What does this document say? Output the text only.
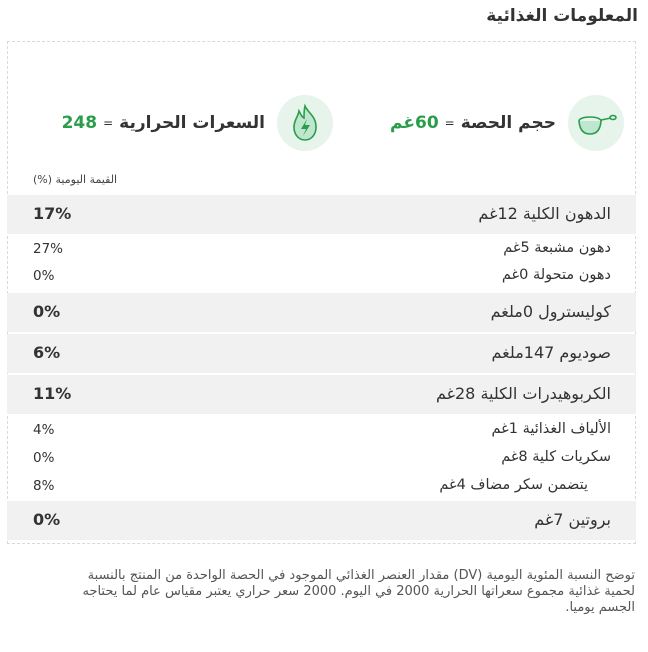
المعلومات الغذائية
حجم الحصة
=
60غم
السعرات الحرارية
=
248
القيمة اليومية (%)
الدهون الكلية 12غم
17%
دهون مشبعة 5غم
27%
دهون متحولة 0غم
0%
كوليسترول 0ملغم
0%
صوديوم 147ملغم
6%
الكربوهيدرات الكلية 28غم
11%
الألياف الغذائية 1غم
4%
سكريات كلية 8غم
0%
يتضمن سكر مضاف 4غم
8%
بروتين 7غم
0%
توضح النسبة المئوية اليومية (DV) مقدار العنصر الغذائي الموجود في الحصة الواحدة من المنتج بالنسبة لحمية غذائية مجموع سعراتها الحرارية 2000 في اليوم. 2000 سعر حراري يعتبر مقياس عام لما يحتاجه الجسم يوميا.
